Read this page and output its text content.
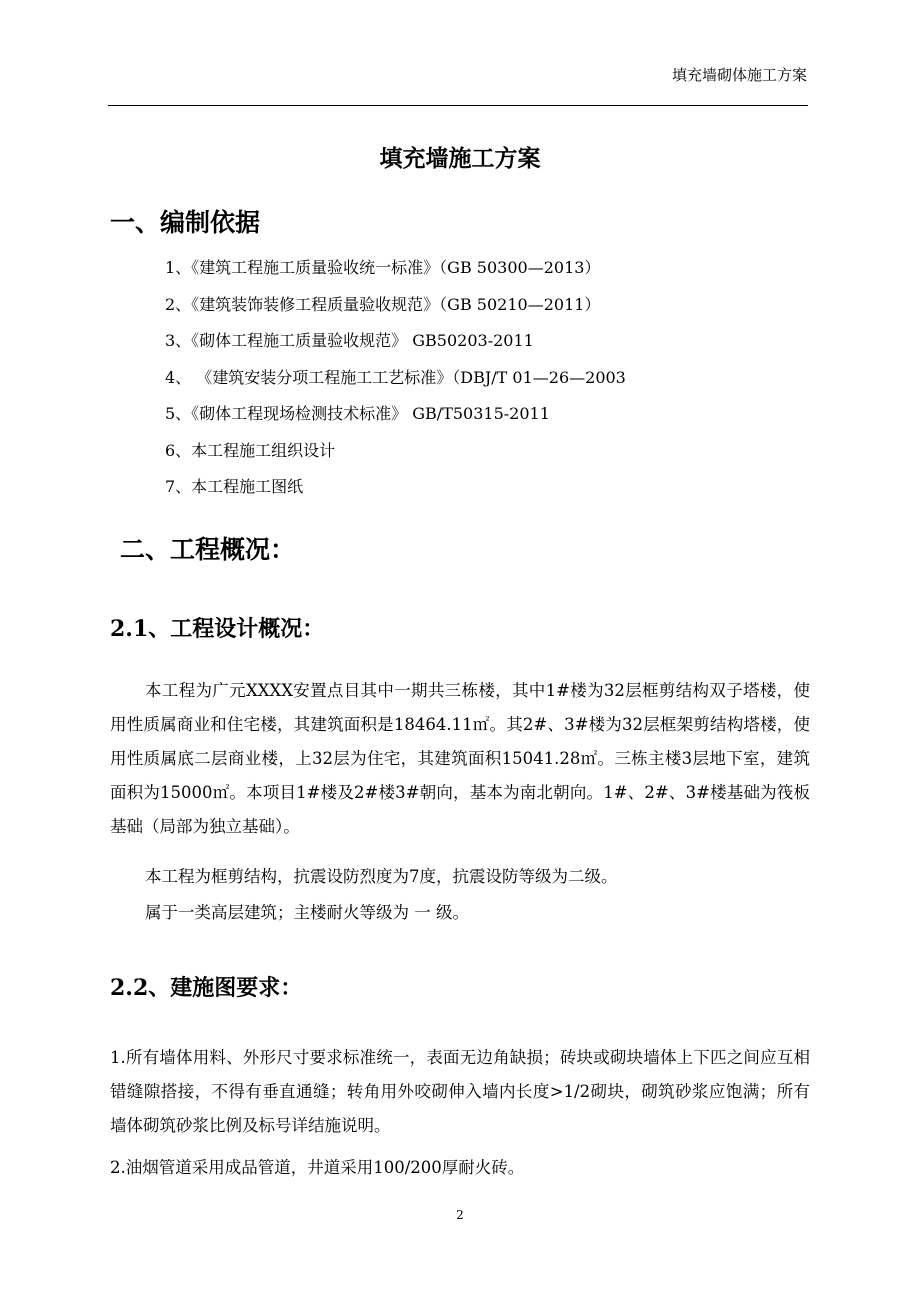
填充墙砌体施工方案
填充墙施工方案
一、编制依据
1、《建筑工程施工质量验收统一标准》（GB 50300—2013）
2、《建筑装饰装修工程质量验收规范》（GB 50210—2011）
3、《砌体工程施工质量验收规范》 GB50203-2011
4、 《建筑安装分项工程施工工艺标准》（DBJ/T 01—26—2003
5、《砌体工程现场检测技术标准》 GB/T50315-2011
6、本工程施工组织设计
7、本工程施工图纸
二、工程概况：
2.1、工程设计概况：

本工程为广元XXXX安置点目其中一期共三栋楼，其中1#楼为32层框剪结构双子塔楼，使用性质属商业和住宅楼，其建筑面积是18464.11㎡。其2#、3#楼为32层框架剪结构塔楼，使用性质属底二层商业楼，上32层为住宅，其建筑面积15041.28㎡。三栋主楼3层地下室，建筑面积为15000㎡。本项目1#楼及2#楼3#朝向，基本为南北朝向。1#、2#、3#楼基础为筏板基础（局部为独立基础）。

本工程为框剪结构，抗震设防烈度为7度，抗震设防等级为二级。

属于一类高层建筑；主楼耐火等级为 一 级。

2.2、建施图要求：

1.所有墙体用料、外形尺寸要求标准统一，表面无边角缺损；砖块或砌块墙体上下匹之间应互相错缝隙搭接，不得有垂直通缝；转角用外咬砌伸入墙内长度>1/2砌块，砌筑砂浆应饱满；所有墙体砌筑砂浆比例及标号详结施说明。

2.油烟管道采用成品管道，井道采用100/200厚耐火砖。

2
